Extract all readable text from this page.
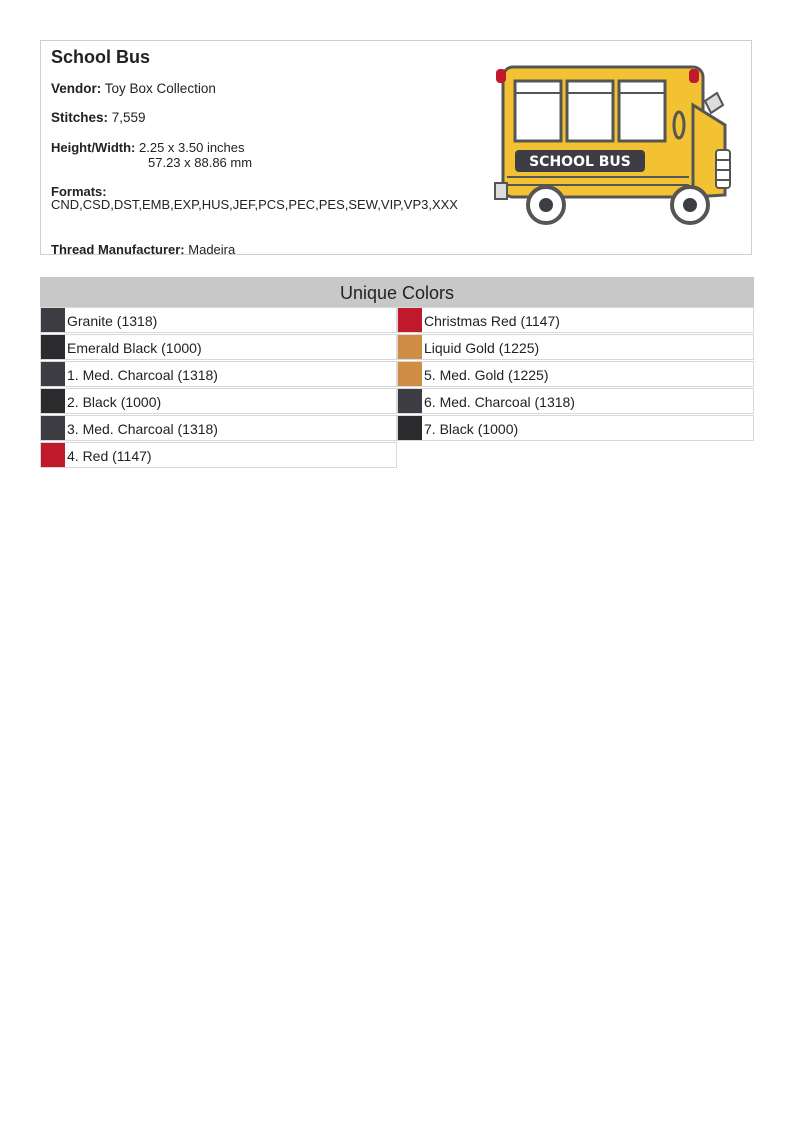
School Bus
Vendor: Toy Box Collection
Stitches: 7,559
Height/Width: 2.25 x 3.50 inches
57.23 x 88.86 mm
Formats:
CND,CSD,DST,EMB,EXP,HUS,JEF,PCS,PEC,PES,SEW,VIP,VP3,XXX
Thread Manufacturer: Madeira
SCHOOL BUS
Unique Colors
Granite (1318)
Emerald Black (1000)
1. Med. Charcoal (1318)
2. Black (1000)
3. Med. Charcoal (1318)
4. Red (1147)
Christmas Red (1147)
Liquid Gold (1225)
5. Med. Gold (1225)
6. Med. Charcoal (1318)
7. Black (1000)
